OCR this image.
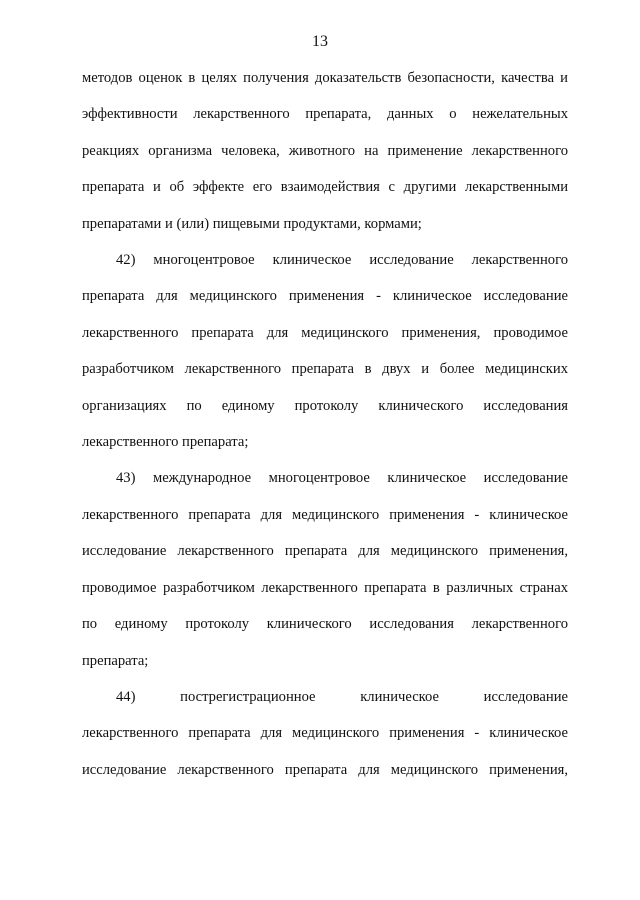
13
методов оценок в целях получения доказательств безопасности, качества и
эффективности лекарственного препарата, данных о нежелательных
реакциях организма человека, животного на применение лекарственного
препарата и об эффекте его взаимодействия с другими лекарственными
препаратами и (или) пищевыми продуктами, кормами;
42) многоцентровое клиническое исследование лекарственного
препарата для медицинского применения - клиническое исследование
лекарственного препарата для медицинского применения, проводимое
разработчиком лекарственного препарата в двух и более медицинских
организациях по единому протоколу клинического исследования
лекарственного препарата;
43) международное многоцентровое клиническое исследование
лекарственного препарата для медицинского применения - клиническое
исследование лекарственного препарата для медицинского применения,
проводимое разработчиком лекарственного препарата в различных странах
по единому протоколу клинического исследования лекарственного
препарата;
44) пострегистрационное клиническое исследование
лекарственного препарата для медицинского применения - клиническое
исследование лекарственного препарата для медицинского применения,
